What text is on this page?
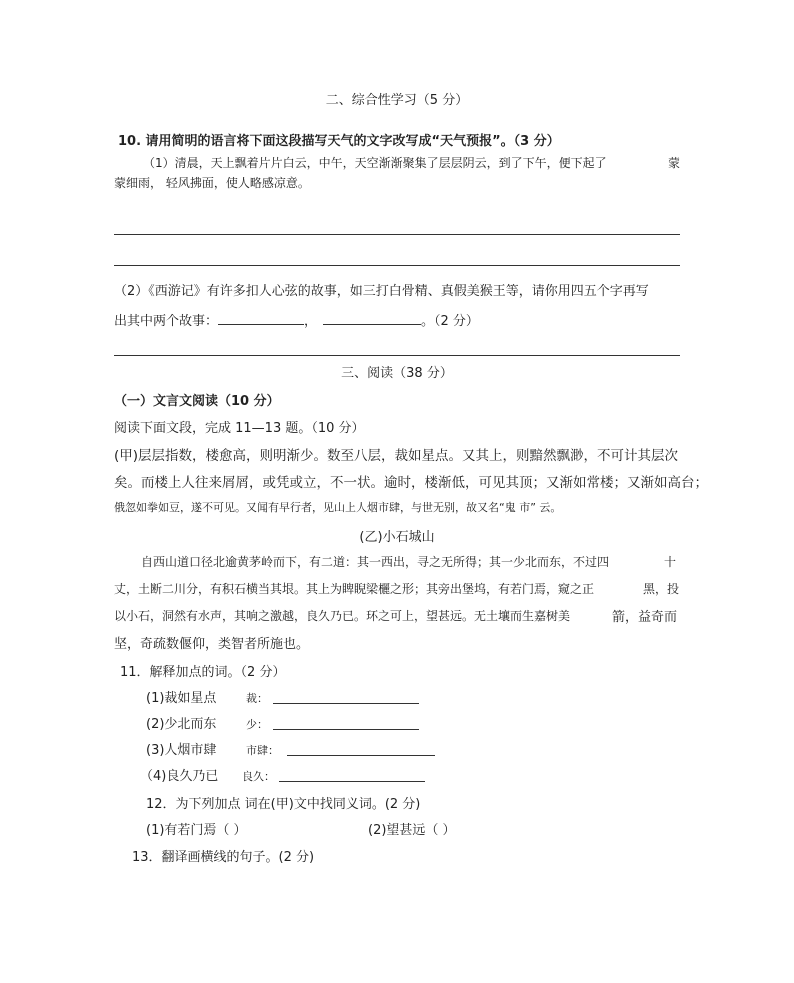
二、综合性学习（5 分）
10. 请用简明的语言将下面这段描写天气的文字改写成“天气预报”。（3 分）
（1）清晨，天上飘着片片白云，中午，天空渐渐聚集了层层阴云，到了下午，便下起了	蒙
蒙细雨， 轻风拂面，使人略感凉意。
（2）《西游记》有许多扣人心弦的故事，如三打白骨精、真假美猴王等，请你用四五个字再写
出其中两个故事：	，	。（2 分）
三、阅读（38 分）
（一）文言文阅读（10 分）
阅读下面文段，完成 11—13 题。（10 分）
(甲)层层指数，楼愈高，则明渐少。数至八层，裁如星点。又其上，则黯然飘渺，不可计其层次
矣。而楼上人往来屑屑，或凭或立，不一状。逾时，楼渐低，可见其顶；又渐如常楼；又渐如高台；
俄忽如拳如豆，遂不可见。又闻有早行者，见山上人烟市肆，与世无别，故又名“鬼 市” 云。
(乙)小石城山
自西山道口径北逾黄茅岭而下，有二道：其一西出，寻之无所得；其一少北而东，不过四	十
丈，土断二川分，有积石横当其垠。其上为睥睨梁欐之形；其旁出堡坞，有若门焉，窥之正	黑，投
以小石，洞然有水声，其响之激越，良久乃已。环之可上，望甚远。无土壤而生嘉树美	箭，益奇而
坚，奇疏数偃仰，类智者所施也。
11．解释加点的词。（2 分）
(1)裁如星点	裁：
(2)少北而东	少：
(3)人烟市肆	市肆：
（4)良久乃已 良久：
12．为下列加点 词在(甲)文中找同义词。(2 分)
(1)有若门焉（ ）	(2)望甚远（ ）
13．翻译画横线的句子。(2 分)
